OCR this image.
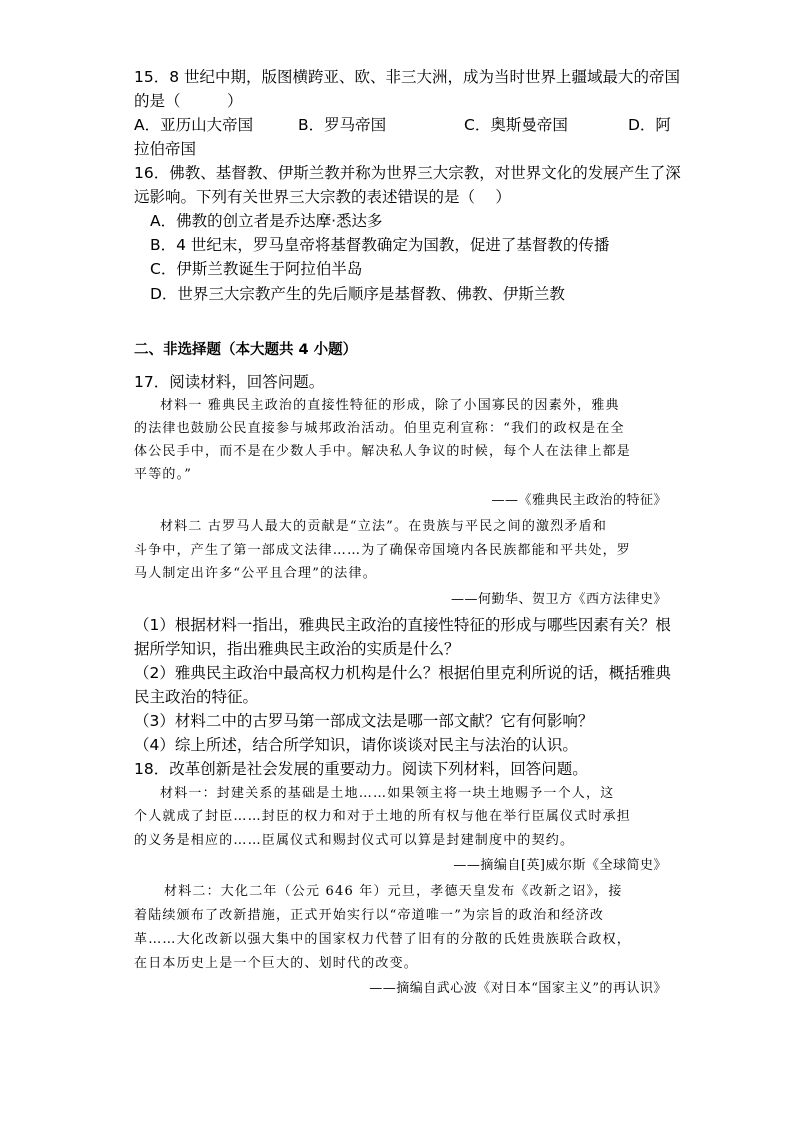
15．8 世纪中期，版图横跨亚、欧、非三大洲，成为当时世界上疆域最大的帝国
的是（　　　）
A．亚历山大帝国	B．罗马帝国	C．奥斯曼帝国	D．阿
拉伯帝国
16．佛教、基督教、伊斯兰教并称为世界三大宗教，对世界文化的发展产生了深
远影响。下列有关世界三大宗教的表述错误的是（　 ）
A．佛教的创立者是乔达摩·悉达多
B．4 世纪末，罗马皇帝将基督教确定为国教，促进了基督教的传播
C．伊斯兰教诞生于阿拉伯半岛
D．世界三大宗教产生的先后顺序是基督教、佛教、伊斯兰教
二、非选择题（本大题共 4 小题）
17．阅读材料，回答问题。
材料一 雅典民主政治的直接性特征的形成，除了小国寡民的因素外，雅典
的法律也鼓励公民直接参与城邦政治活动。伯里克利宣称：“我们的政权是在全
体公民手中，而不是在少数人手中。解决私人争议的时候，每个人在法律上都是
平等的。”
——《雅典民主政治的特征》
材料二 古罗马人最大的贡献是“立法”。在贵族与平民之间的激烈矛盾和
斗争中，产生了第一部成文法律……为了确保帝国境内各民族都能和平共处，罗
马人制定出许多“公平且合理”的法律。
——何勤华、贺卫方《西方法律史》
（1）根据材料一指出，雅典民主政治的直接性特征的形成与哪些因素有关？根
据所学知识，指出雅典民主政治的实质是什么？
（2）雅典民主政治中最高权力机构是什么？根据伯里克利所说的话，概括雅典
民主政治的特征。
（3）材料二中的古罗马第一部成文法是哪一部文献？它有何影响？
（4）综上所述，结合所学知识，请你谈谈对民主与法治的认识。
18．改革创新是社会发展的重要动力。阅读下列材料，回答问题。
材料一：封建关系的基础是土地……如果领主将一块土地赐予一个人，这
个人就成了封臣……封臣的权力和对于土地的所有权与他在举行臣属仪式时承担
的义务是相应的……臣属仪式和赐封仪式可以算是封建制度中的契约。
——摘编自[英]威尔斯《全球简史》
材料二：大化二年（公元 646 年）元旦，孝德天皇发布《改新之诏》，接
着陆续颁布了改新措施，正式开始实行以“帝道唯一”为宗旨的政治和经济改
革……大化改新以强大集中的国家权力代替了旧有的分散的氏姓贵族联合政权，
在日本历史上是一个巨大的、划时代的改变。
——摘编自武心波《对日本“国家主义”的再认识》
